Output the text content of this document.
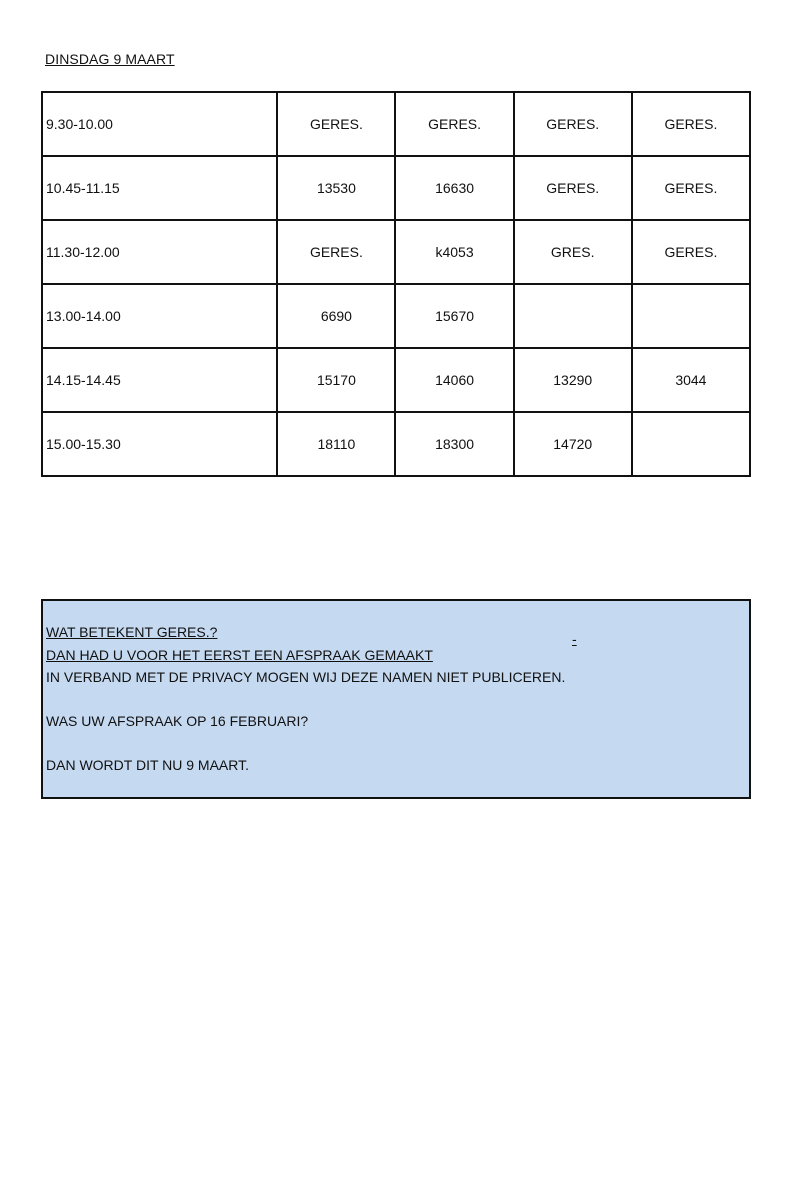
DINSDAG 9 MAART
9.30-10.00	GERES.	GERES.	GERES.	GERES.
10.45-11.15	13530	16630	GERES.	GERES.
11.30-12.00	GERES.	k4053	GRES.	GERES.
13.00-14.00	6690	15670		
14.15-14.45	15170	14060	13290	3044
15.00-15.30	18110	18300	14720	
WAT BETEKENT GERES.?	-
DAN HAD U VOOR HET EERST EEN AFSPRAAK GEMAAKT
IN VERBAND MET DE PRIVACY MOGEN WIJ DEZE NAMEN NIET PUBLICEREN.
WAS UW AFSPRAAK OP 16 FEBRUARI?
DAN WORDT DIT NU 9 MAART.
